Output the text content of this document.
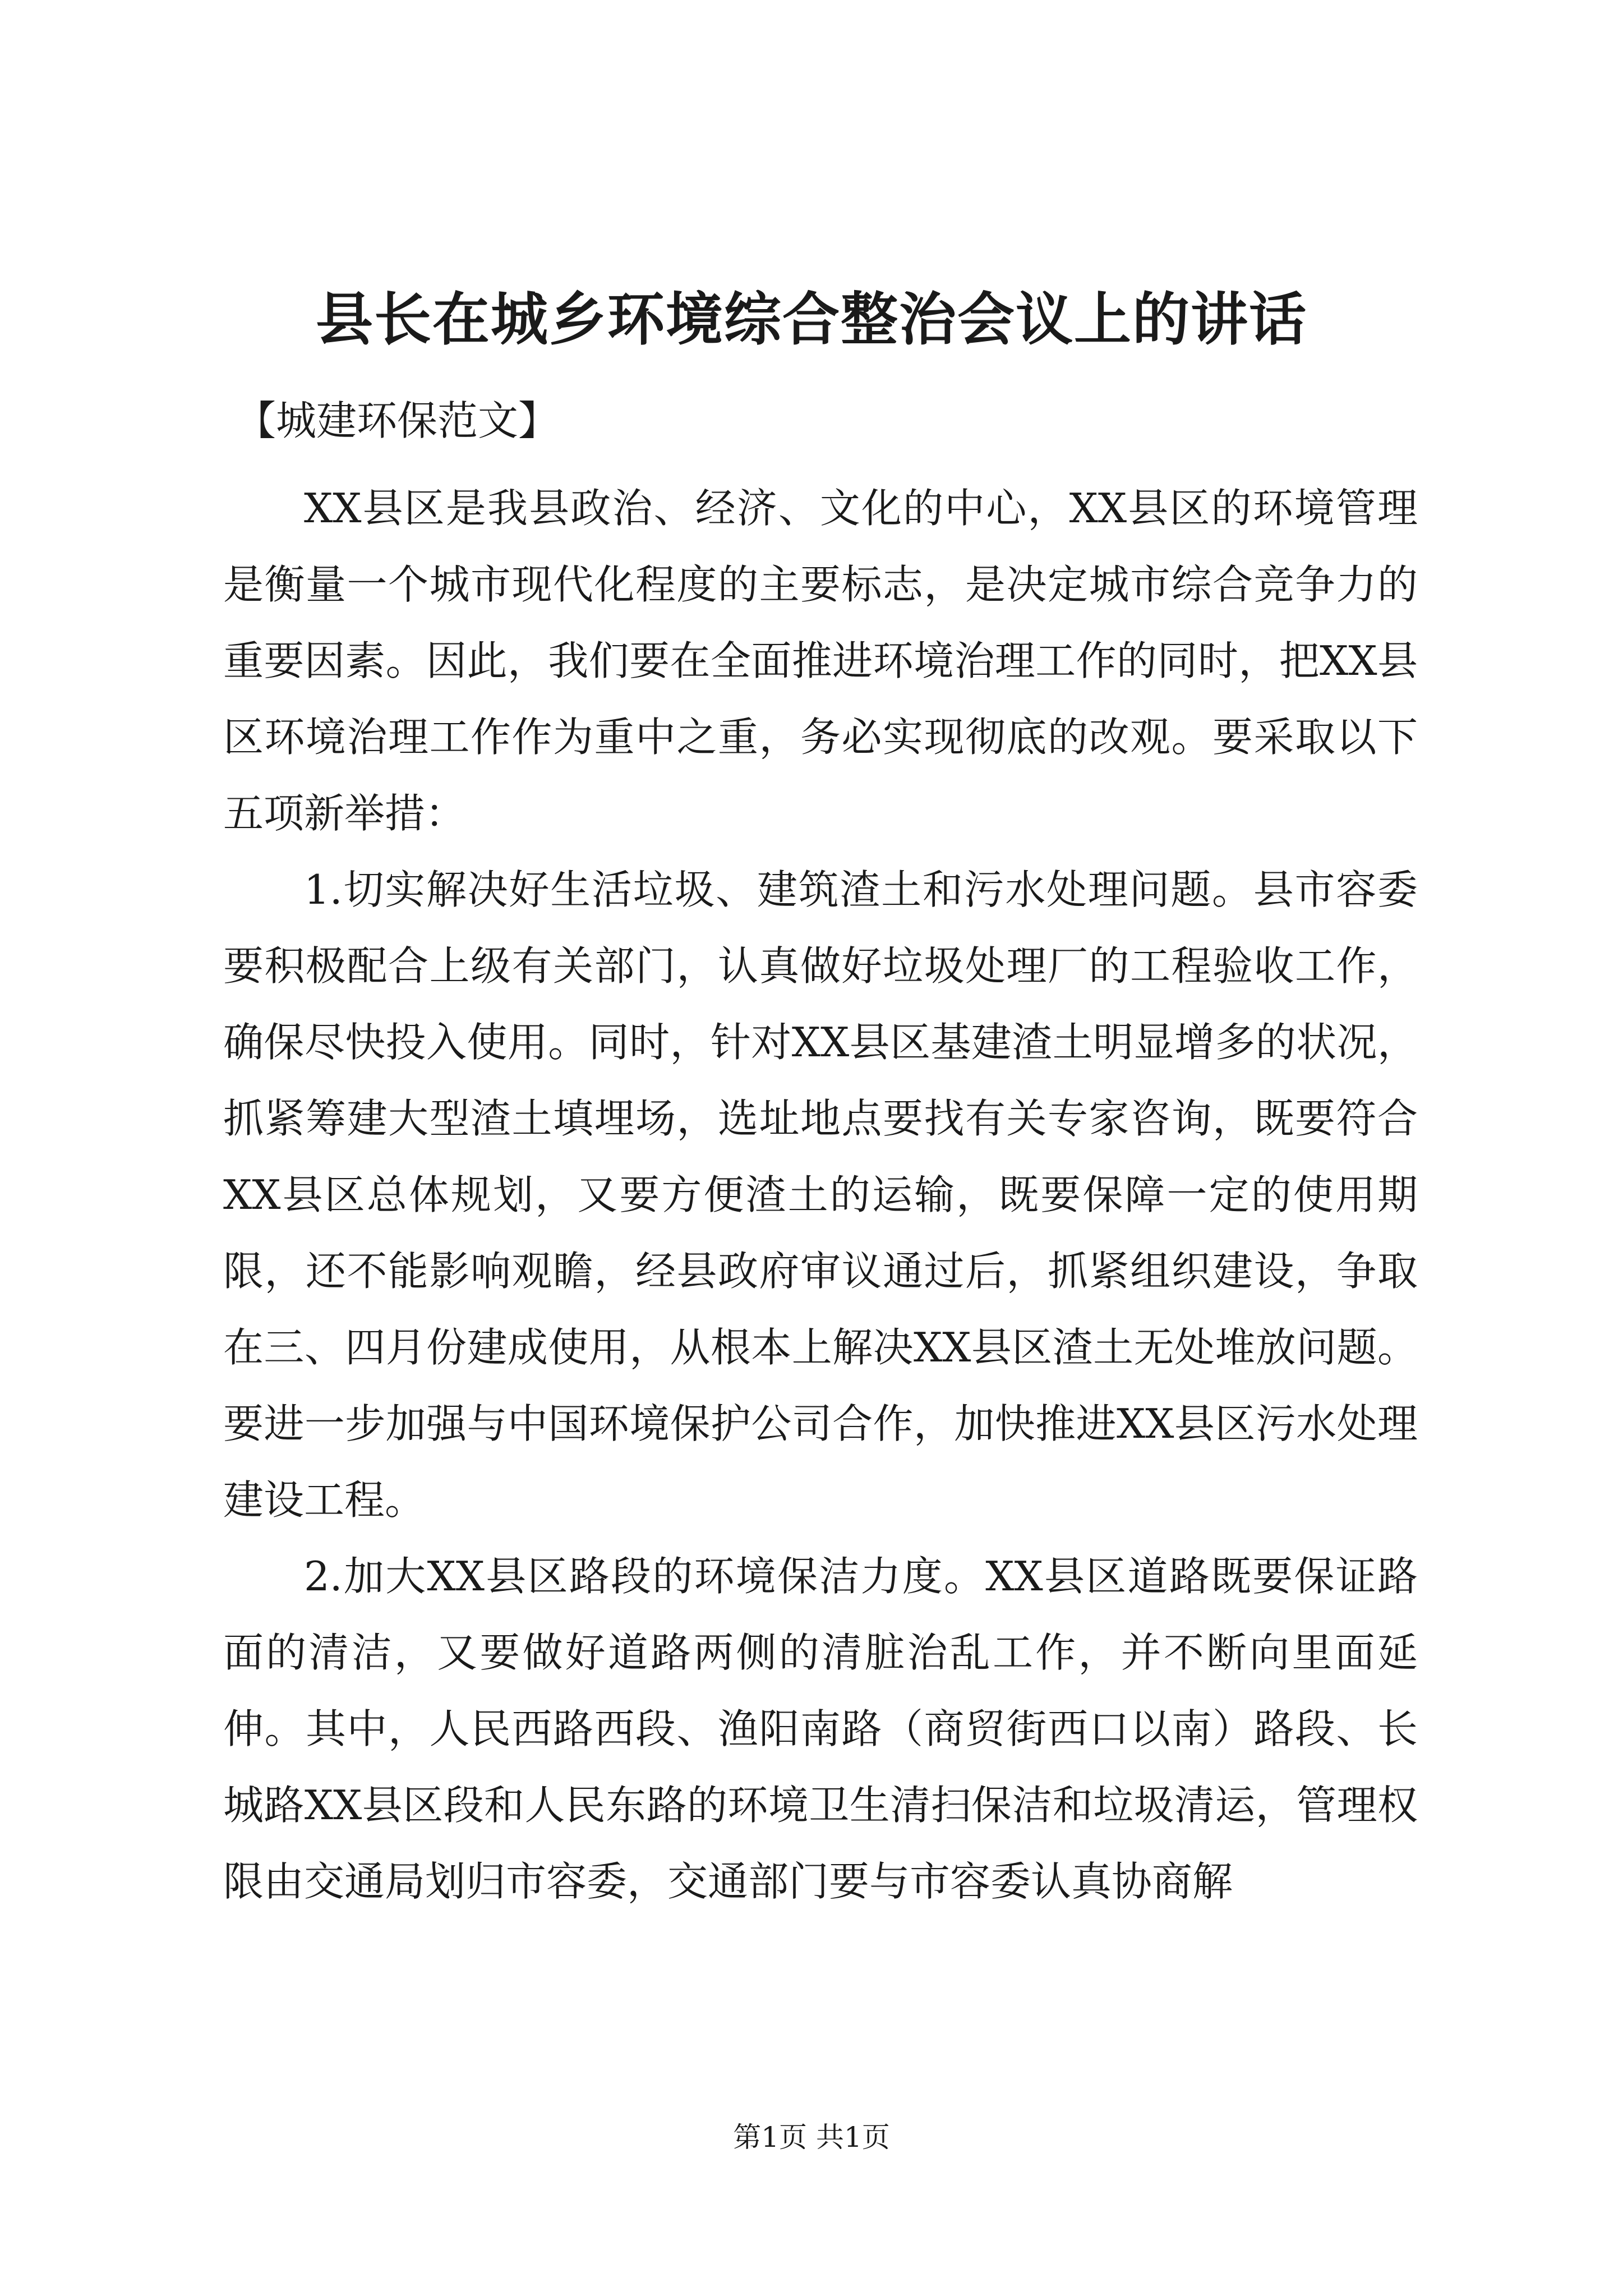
县长在城乡环境综合整治会议上的讲话
【城建环保范文】

XX县区是我县政治、经济、文化的中心，XX县区的环境管理是衡量一个城市现代化程度的主要标志，是决定城市综合竞争力的重要因素。因此，我们要在全面推进环境治理工作的同时，把XX县区环境治理工作作为重中之重，务必实现彻底的改观。要采取以下五项新举措：

1.切实解决好生活垃圾、建筑渣土和污水处理问题。县市容委要积极配合上级有关部门，认真做好垃圾处理厂的工程验收工作，确保尽快投入使用。同时，针对XX县区基建渣土明显增多的状况，抓紧筹建大型渣土填埋场，选址地点要找有关专家咨询，既要符合XX县区总体规划，又要方便渣土的运输，既要保障一定的使用期限，还不能影响观瞻，经县政府审议通过后，抓紧组织建设，争取在三、四月份建成使用，从根本上解决XX县区渣土无处堆放问题。要进一步加强与中国环境保护公司合作，加快推进XX县区污水处理建设工程。

2.加大XX县区路段的环境保洁力度。XX县区道路既要保证路面的清洁，又要做好道路两侧的清脏治乱工作，并不断向里面延伸。其中，人民西路西段、渔阳南路（商贸街西口以南）路段、长城路XX县区段和人民东路的环境卫生清扫保洁和垃圾清运，管理权限由交通局划归市容委，交通部门要与市容委认真协商解

第1页 共1页
